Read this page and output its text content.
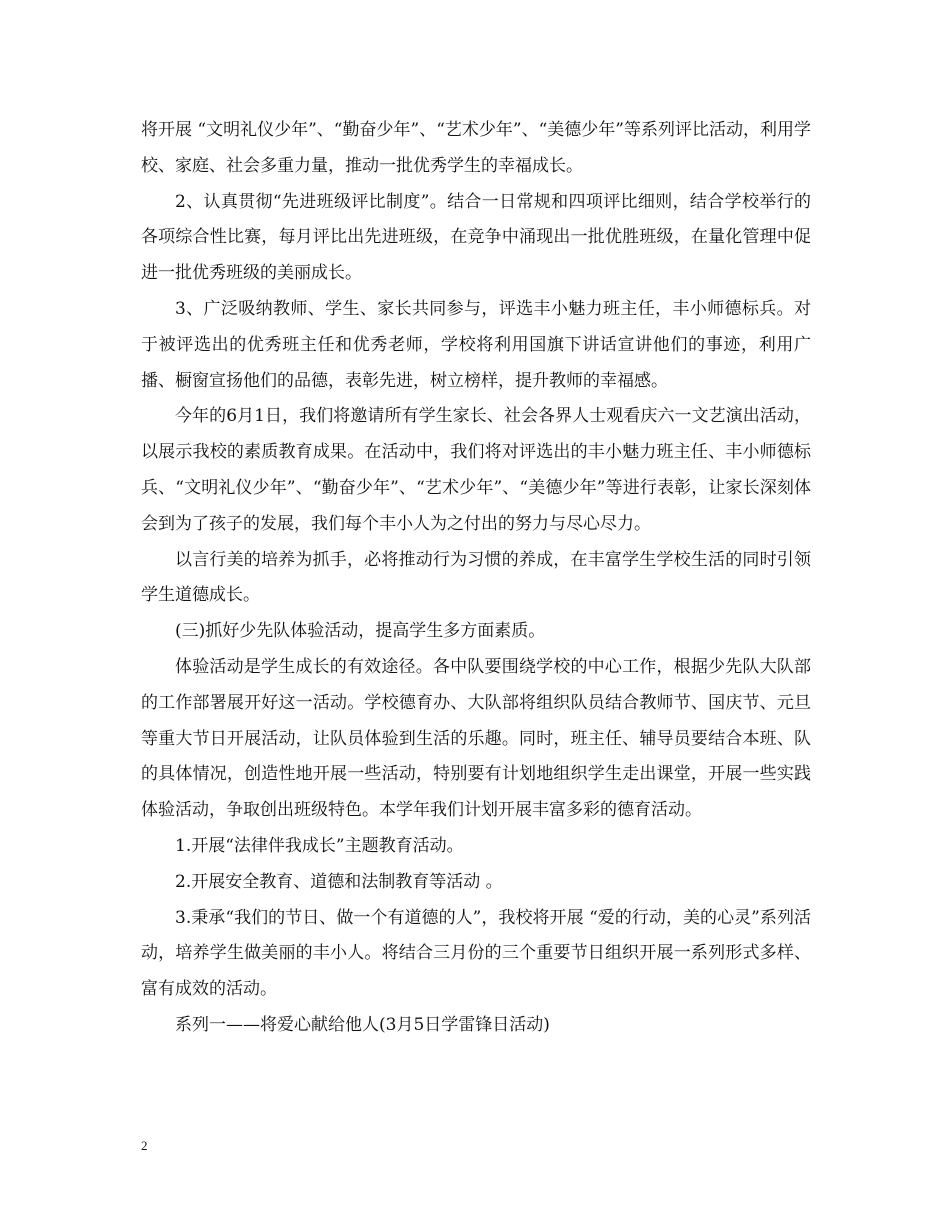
将开展 “文明礼仪少年”、“勤奋少年”、“艺术少年”、“美德少年”等系列评比活动，利用学校、家庭、社会多重力量，推动一批优秀学生的幸福成长。

2、认真贯彻“先进班级评比制度”。结合一日常规和四项评比细则，结合学校举行的各项综合性比赛，每月评比出先进班级，在竞争中涌现出一批优胜班级，在量化管理中促进一批优秀班级的美丽成长。

3、广泛吸纳教师、学生、家长共同参与，评选丰小魅力班主任，丰小师德标兵。对于被评选出的优秀班主任和优秀老师，学校将利用国旗下讲话宣讲他们的事迹，利用广播、橱窗宣扬他们的品德，表彰先进，树立榜样，提升教师的幸福感。

今年的6月1日，我们将邀请所有学生家长、社会各界人士观看庆六一文艺演出活动，以展示我校的素质教育成果。在活动中，我们将对评选出的丰小魅力班主任、丰小师德标兵、“文明礼仪少年”、“勤奋少年”、“艺术少年”、“美德少年”等进行表彰，让家长深刻体会到为了孩子的发展，我们每个丰小人为之付出的努力与尽心尽力。

以言行美的培养为抓手，必将推动行为习惯的养成，在丰富学生学校生活的同时引领学生道德成长。

(三)抓好少先队体验活动，提高学生多方面素质。

体验活动是学生成长的有效途径。各中队要围绕学校的中心工作，根据少先队大队部的工作部署展开好这一活动。学校德育办、大队部将组织队员结合教师节、国庆节、元旦等重大节日开展活动，让队员体验到生活的乐趣。同时，班主任、辅导员要结合本班、队的具体情况，创造性地开展一些活动，特别要有计划地组织学生走出课堂，开展一些实践体验活动，争取创出班级特色。本学年我们计划开展丰富多彩的德育活动。

1.开展“法律伴我成长”主题教育活动。

2.开展安全教育、道德和法制教育等活动 。

3.秉承“我们的节日、做一个有道德的人”，我校将开展 “爱的行动，美的心灵”系列活动，培养学生做美丽的丰小人。将结合三月份的三个重要节日组织开展一系列形式多样、富有成效的活动。

系列一——将爱心献给他人(3月5日学雷锋日活动)

2
